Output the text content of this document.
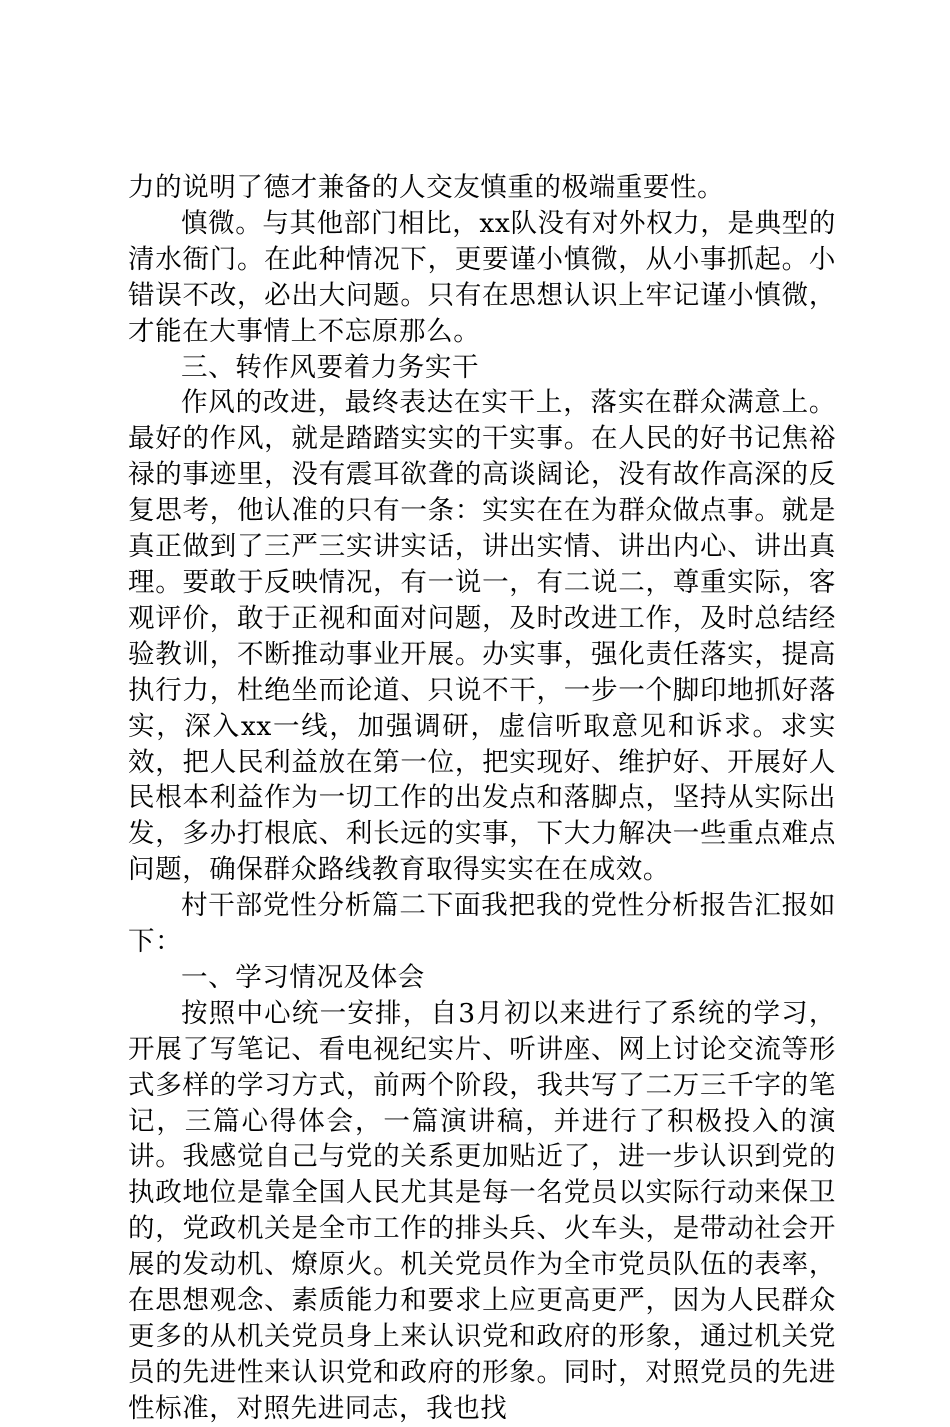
力的说明了德才兼备的人交友慎重的极端重要性。

慎微。与其他部门相比，xx队没有对外权力，是典型的清水衙门。在此种情况下，更要谨小慎微，从小事抓起。小错误不改，必出大问题。只有在思想认识上牢记谨小慎微，才能在大事情上不忘原那么。

三、转作风要着力务实干

作风的改进，最终表达在实干上，落实在群众满意上。最好的作风，就是踏踏实实的干实事。在人民的好书记焦裕禄的事迹里，没有震耳欲聋的高谈阔论，没有故作高深的反复思考，他认准的只有一条：实实在在为群众做点事。就是真正做到了三严三实讲实话，讲出实情、讲出内心、讲出真理。要敢于反映情况，有一说一，有二说二，尊重实际，客观评价，敢于正视和面对问题，及时改进工作，及时总结经验教训，不断推动事业开展。办实事，强化责任落实，提高执行力，杜绝坐而论道、只说不干，一步一个脚印地抓好落实，深入xx一线，加强调研，虚信听取意见和诉求。求实效，把人民利益放在第一位，把实现好、维护好、开展好人民根本利益作为一切工作的出发点和落脚点，坚持从实际出发，多办打根底、利长远的实事，下大力解决一些重点难点问题，确保群众路线教育取得实实在在成效。

村干部党性分析篇二下面我把我的党性分析报告汇报如下：

一、学习情况及体会

按照中心统一安排，自3月初以来进行了系统的学习，开展了写笔记、看电视纪实片、听讲座、网上讨论交流等形式多样的学习方式，前两个阶段，我共写了二万三千字的笔记，三篇心得体会，一篇演讲稿，并进行了积极投入的演讲。我感觉自己与党的关系更加贴近了，进一步认识到党的执政地位是靠全国人民尤其是每一名党员以实际行动来保卫的，党政机关是全市工作的排头兵、火车头，是带动社会开展的发动机、燎原火。机关党员作为全市党员队伍的表率，在思想观念、素质能力和要求上应更高更严，因为人民群众更多的从机关党员身上来认识党和政府的形象，通过机关党员的先进性来认识党和政府的形象。同时，对照党员的先进性标准，对照先进同志，我也找
